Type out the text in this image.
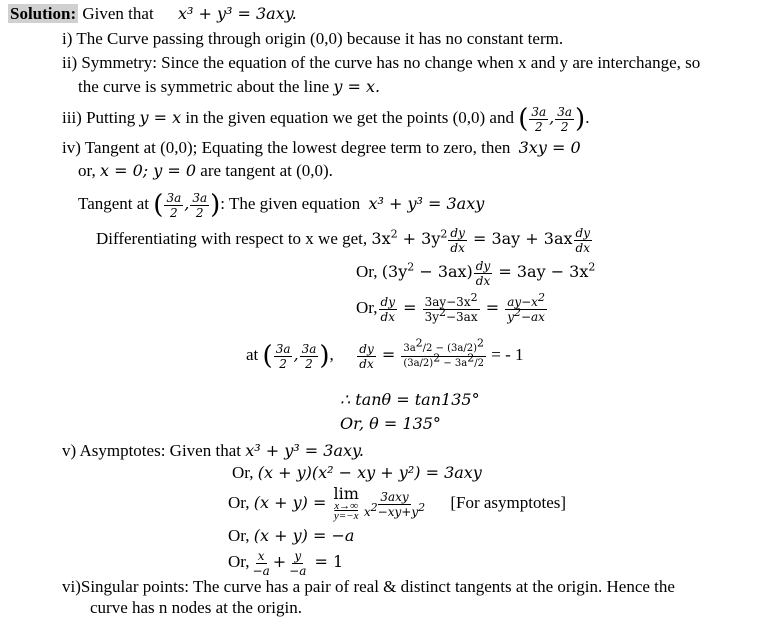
Solution: Given that x³ + y³ = 3axy.
i) The Curve passing through origin (0,0) because it has no constant term.
ii) Symmetry: Since the equation of the curve has no change when x and y are interchange, so
the curve is symmetric about the line y = x.
iii) Putting y = x in the given equation we get the points (0,0) and ( $\frac{3a}{2}$ , $\frac{3a}{2}$ ).
iv) Tangent at (0,0); Equating the lowest degree term to zero, then 3xy = 0
or, x = 0; y = 0 are tangent at (0,0).
Tangent at ( $\frac{3a}{2}$ , $\frac{3a}{2}$ ): The given equation x³ + y³ = 3axy
Differentiating with respect to x we get, $3x^2 + 3y^2 \frac{dy}{dx} = 3ay + 3ax \frac{dy}{dx}$
Or, $(3y^2 - 3ax) \frac{dy}{dx} = 3ay - 3x^2$
Or, $\frac{dy}{dx} = \frac{3ay-3x^2}{3y^2-3ax} = \frac{ay-x^2}{y^2-ax}$
at ( $\frac{3a}{2}$ , $\frac{3a}{2}$ ), $\frac{dy}{dx} = \frac{3a^2/2 - (3a/2)^2}{(3a/2)^2 - 3a^2/2}$ = - 1
∴ tanθ = tan135°
Or, θ = 135°
v) Asymptotes: Given that x³ + y³ = 3axy.
Or, (x + y)(x² − xy + y²) = 3axy
Or, (x + y) = lim
x→∞
$y=-x \frac{\text{3axy}}{x^2-xy+y^2} [For$ asymptotes]
Or, (x + y) = −a
Or, $\frac{x}{-a} + \frac{y}{-a} = 1$
vi)Singular points: The curve has a pair of real & distinct tangents at the origin. Hence the
curve has n nodes at the origin.
